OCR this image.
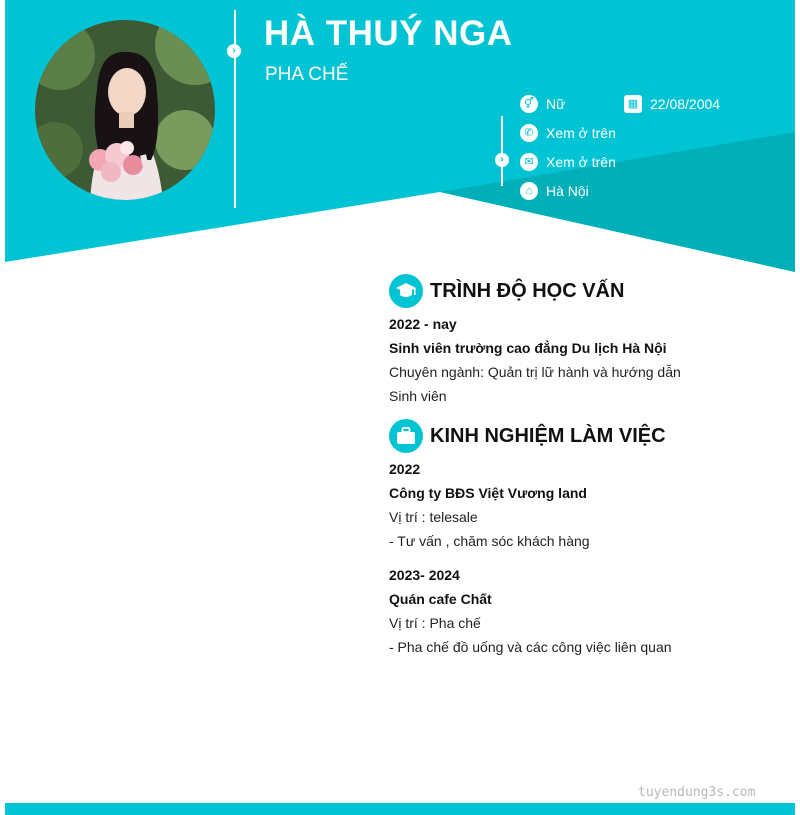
› HÀ THUÝ NGA
PHA CHẾ
›
⚥ Nữ	▦ 22/08/2004
✆ Xem ở trên
✉ Xem ở trên
⌂ Hà Nội
TRÌNH ĐỘ HỌC VẤN
2022 - nay
Sinh viên trường cao đẳng Du lịch Hà Nội
Chuyên ngành: Quản trị lữ hành và hướng dẫn
Sinh viên
KINH NGHIỆM LÀM VIỆC
2022
Công ty BĐS Việt Vương land
Vị trí : telesale
- Tư vấn , chăm sóc khách hàng
2023- 2024
Quán cafe Chất
Vị trí : Pha chế
- Pha chế đồ uống và các công việc liên quan
tuyendung3s.com
